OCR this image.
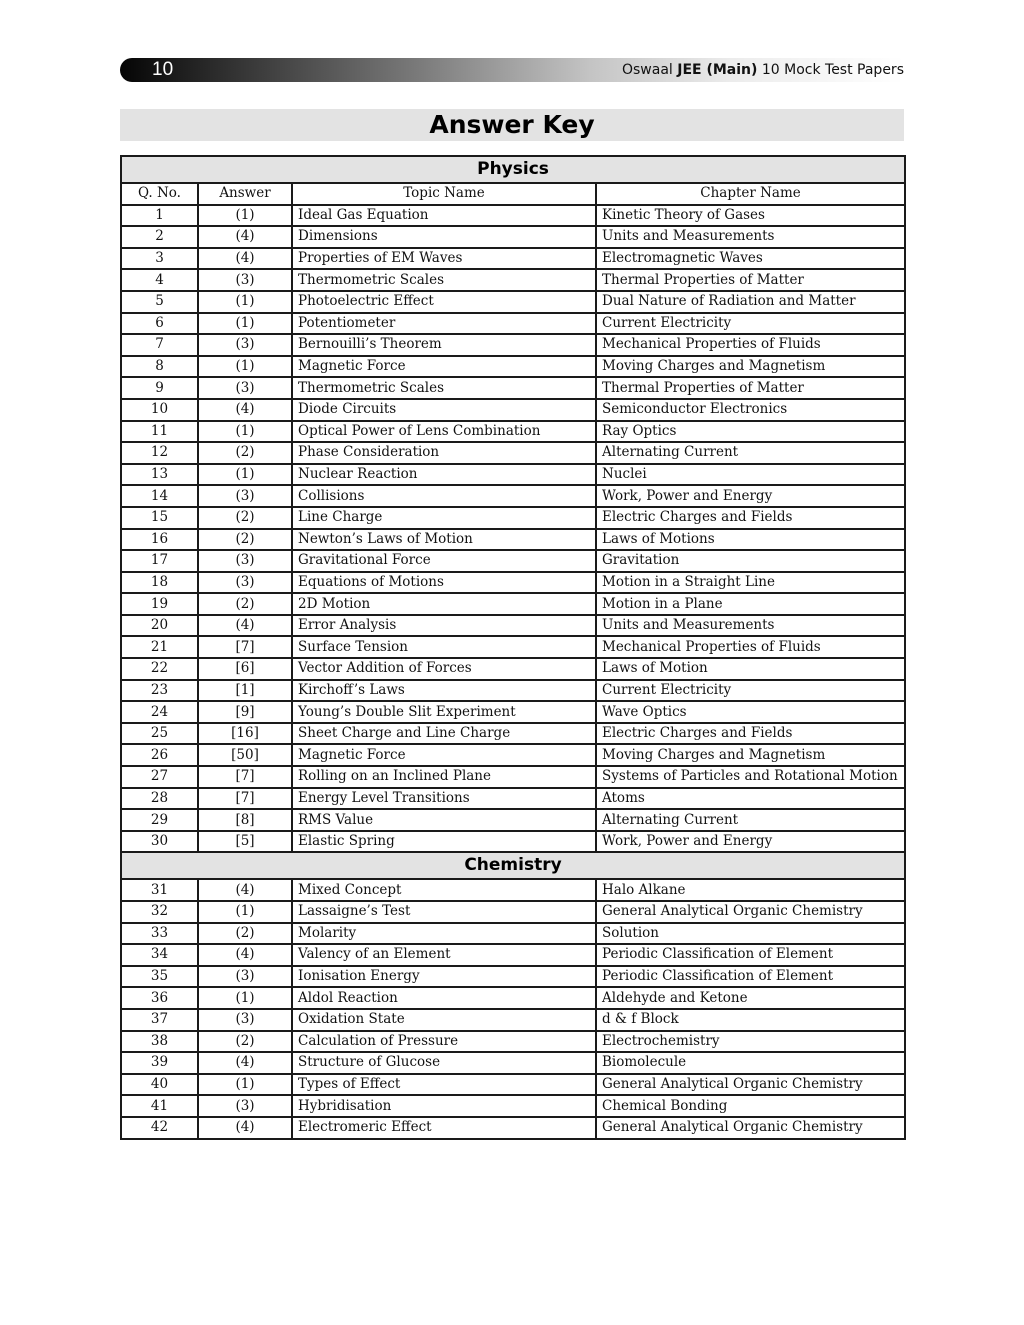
10	Oswaal JEE (Main) 10 Mock Test Papers
Answer Key
Physics			
Q. No.	Answer	Topic Name	Chapter Name
1	(1)	Ideal Gas Equation	Kinetic Theory of Gases
2	(4)	Dimensions	Units and Measurements
3	(4)	Properties of EM Waves	Electromagnetic Waves
4	(3)	Thermometric Scales	Thermal Properties of Matter
5	(1)	Photoelectric Effect	Dual Nature of Radiation and Matter
6	(1)	Potentiometer	Current Electricity
7	(3)	Bernouilli’s Theorem	Mechanical Properties of Fluids
8	(1)	Magnetic Force	Moving Charges and Magnetism
9	(3)	Thermometric Scales	Thermal Properties of Matter
10	(4)	Diode Circuits	Semiconductor Electronics
11	(1)	Optical Power of Lens Combination	Ray Optics
12	(2)	Phase Consideration	Alternating Current
13	(1)	Nuclear Reaction	Nuclei
14	(3)	Collisions	Work, Power and Energy
15	(2)	Line Charge	Electric Charges and Fields
16	(2)	Newton’s Laws of Motion	Laws of Motions
17	(3)	Gravitational Force	Gravitation
18	(3)	Equations of Motions	Motion in a Straight Line
19	(2)	2D Motion	Motion in a Plane
20	(4)	Error Analysis	Units and Measurements
21	[7]	Surface Tension	Mechanical Properties of Fluids
22	[6]	Vector Addition of Forces	Laws of Motion
23	[1]	Kirchoff’s Laws	Current Electricity
24	[9]	Young’s Double Slit Experiment	Wave Optics
25	[16]	Sheet Charge and Line Charge	Electric Charges and Fields
26	[50]	Magnetic Force	Moving Charges and Magnetism
27	[7]	Rolling on an Inclined Plane	Systems of Particles and Rotational Motion
28	[7]	Energy Level Transitions	Atoms
29	[8]	RMS Value	Alternating Current
30	[5]	Elastic Spring	Work, Power and Energy
Chemistry			
31	(4)	Mixed Concept	Halo Alkane
32	(1)	Lassaigne’s Test	General Analytical Organic Chemistry
33	(2)	Molarity	Solution
34	(4)	Valency of an Element	Periodic Classification of Element
35	(3)	Ionisation Energy	Periodic Classification of Element
36	(1)	Aldol Reaction	Aldehyde and Ketone
37	(3)	Oxidation State	d & f Block
38	(2)	Calculation of Pressure	Electrochemistry
39	(4)	Structure of Glucose	Biomolecule
40	(1)	Types of Effect	General Analytical Organic Chemistry
41	(3)	Hybridisation	Chemical Bonding
42	(4)	Electromeric Effect	General Analytical Organic Chemistry
